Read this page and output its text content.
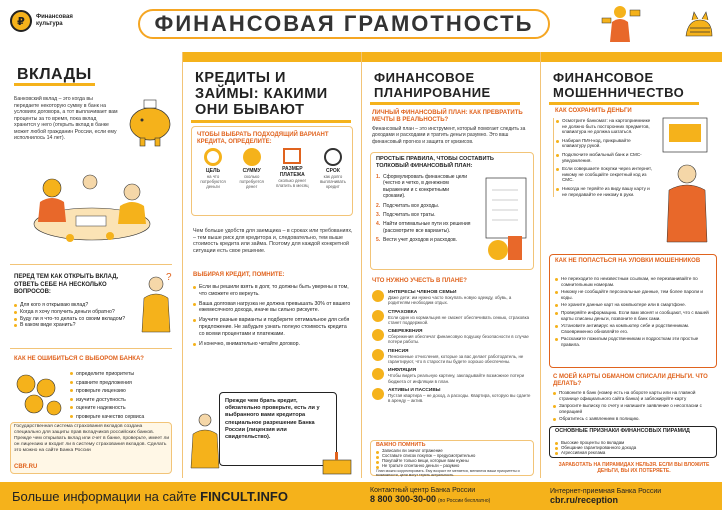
₽	Финансовая культура	ФИНАНСОВАЯ ГРАМОТНОСТЬ
ВКЛАДЫ
Банковский вклад – это когда вы передаете некоторую сумму в банк на условиях договора, а тот выплачивает вам проценты за то время, пока вклад хранится у него (открыть вклад в банке может любой гражданин России, если ему исполнилось 14 лет).
ПЕРЕД ТЕМ КАК ОТКРЫТЬ ВКЛАД, ОТВЕТЬ СЕБЕ НА НЕСКОЛЬКО ВОПРОСОВ:
Для кого я открываю вклад?
Когда я хочу получить деньги обратно?
Буду ли я что-то делать со своим вкладом?
В каком виде хранить?
?
КАК НЕ ОШИБИТЬСЯ С ВЫБОРОМ БАНКА?
определите приоритеты
сравните предложения
проверьте лицензию
изучите доступность
оцените надежность
проверьте качество сервиса
Государственная система страхования вкладов создана специально для защиты прав вкладчиков российских банков. Прежде чем открывать вклад или счет в банке, проверьте, имеет ли он лицензию и входит ли в систему страхования вкладов. Сделать это можно на сайте Банка России
CBR.RU
КРЕДИТЫ И ЗАЙМЫ: КАКИМИ ОНИ БЫВАЮТ
ЧТОБЫ ВЫБРАТЬ ПОДХОДЯЩИЙ ВАРИАНТ КРЕДИТА, ОПРЕДЕЛИТЕ:
ЦЕЛЬ
на что потребуются деньги
СУММУ
сколько потребуется денег
РАЗМЕР ПЛАТЕЖА
сколько денег платить в месяц
СРОК
как долго выплачивать кредит
Чем больше удобств для заемщика – в сроках или требованиях, – тем выше риск для кредитора и, следовательно, тем выше стоимость кредита или займа. Поэтому для каждой конкретной ситуации есть свое решение.
ВЫБИРАЯ КРЕДИТ, ПОМНИТЕ:
Если вы решили взять в долг, то должны быть уверены в том, что сможете его вернуть.
Ваша долговая нагрузка не должна превышать 30% от вашего ежемесячного дохода, иначе вы сильно рискуете.
Изучите разные варианты и подберите оптимальное для себя предложение. Не забудьте узнать полную стоимость кредита со всеми процентами и платежами.
И конечно, внимательно читайте договор.
Прежде чем брать кредит, обязательно проверьте, есть ли у выбранного вами кредитора специальное разрешение Банка России (лицензия или свидетельство).
ФИНАНСОВОЕ ПЛАНИРОВАНИЕ
ЛИЧНЫЙ ФИНАНСОВЫЙ ПЛАН: КАК ПРЕВРАТИТЬ МЕЧТЫ В РЕАЛЬНОСТЬ?
Финансовый план – это инструмент, который помогает следить за доходами и расходами и тратить деньги разумно. Это ваш финансовый прогноз и защита от кризисов.
ПРОСТЫЕ ПРАВИЛА, ЧТОБЫ СОСТАВИТЬ ТОЛКОВЫЙ ФИНАНСОВЫЙ ПЛАН:
1. Сформулировать финансовые цели (честно и четко, в денежном выражении и с конкретными сроками).
2. Подсчитать все доходы.
3. Подсчитать все траты.
4. Найти оптимальные пути их решения (рассмотрите все варианты).
5. Вести учет доходов и расходов.
ЧТО НУЖНО УЧЕСТЬ В ПЛАНЕ?
ИНТЕРЕСЫ ЧЛЕНОВ СЕМЬИ
Даже дети: им нужно часто покупать новую одежду, обувь, а родителям необходим отдых.
СТРАХОВКА
Если один из кормильцев не сможет обеспечивать семью, страховка станет поддержкой.
СБЕРЕЖЕНИЯ
Сбережения обеспечат финансовую подушку безопасности в случае потери работы.
ПЕНСИЯ
Пенсионные отчисления, которые за вас делает работодатель, не гарантируют, что в старости вы будете хорошо обеспечены.
ИНФЛЯЦИЯ
Чтобы видеть реальную картину, закладывайте возможное потери бюджета от инфляции в план.
АКТИВЫ И ПАССИВЫ
Пустая квартира – не доход, а расходы. Квартира, которую вы сдаете в аренду – актив.
ВАЖНО ПОМНИТЬ
Записали ли значат отражение
Составьте список покупок – предусмотрительно
Покупайте только вещи, которые вам нужны
Не тратьте спонтанно деньги – разумно
План можно корректировать. Ему возраст не меняется, меняются ваши приоритеты и возможности, цели могут терять актуальность.
ФИНАНСОВОЕ МОШЕННИЧЕСТВО
КАК СОХРАНИТЬ ДЕНЬГИ
Осмотрите банкомат: на картоприемнике не должно быть посторонних предметов, клавиатура не должна шататься.
Набирая ПИН-код, прикрывайте клавиатуру рукой.
Подключите мобильный банк и СМС-уведомления.
Если совершаете покупки через интернет, никому не сообщайте секретный код из СМС.
Никогда не теряйте из виду вашу карту и не передавайте ее никому в руки.
КАК НЕ ПОПАСТЬСЯ НА УЛОВКИ МОШЕННИКОВ
Не переходите по неизвестным ссылкам, не перезванивайте по сомнительным номерам.
Никому не сообщайте персональные данные, тем более пароли и коды.
Не храните данные карт на компьютере или в смартфоне.
Проверяйте информацию. Если вам звонят и сообщают, что с вашей карты списаны деньги, позвоните в банк сами.
Установите антивирус на компьютер себе и родственникам. Своевременно обновляйте его.
Расскажите пожилым родственникам и подросткам эти простые правила.
С МОЕЙ КАРТЫ ОБМАНОМ СПИСАЛИ ДЕНЬГИ. ЧТО ДЕЛАТЬ?
Позвоните в банк (номер есть на обороте карты или на главной странице официального сайта банка) и заблокируйте карту
Запросите выписку по счету и напишите заявление о несогласии с операцией
Обратитесь с заявлением в полицию.
ОСНОВНЫЕ ПРИЗНАКИ ФИНАНСОВЫХ ПИРАМИД
Высокие проценты по вкладам
Обещание гарантированного дохода
Агрессивная реклама
ЗАРАБОТАТЬ НА ПИРАМИДАХ НЕЛЬЗЯ. ЕСЛИ ВЫ ВЛОЖИТЕ ДЕНЬГИ, ВЫ ИХ ПОТЕРЯЕТЕ.
Больше информации на сайте FINCULT.INFO	Контактный центр Банка России
8 800 300-30-00 (по России бесплатно)
Интернет-приемная Банка России
cbr.ru/reception
